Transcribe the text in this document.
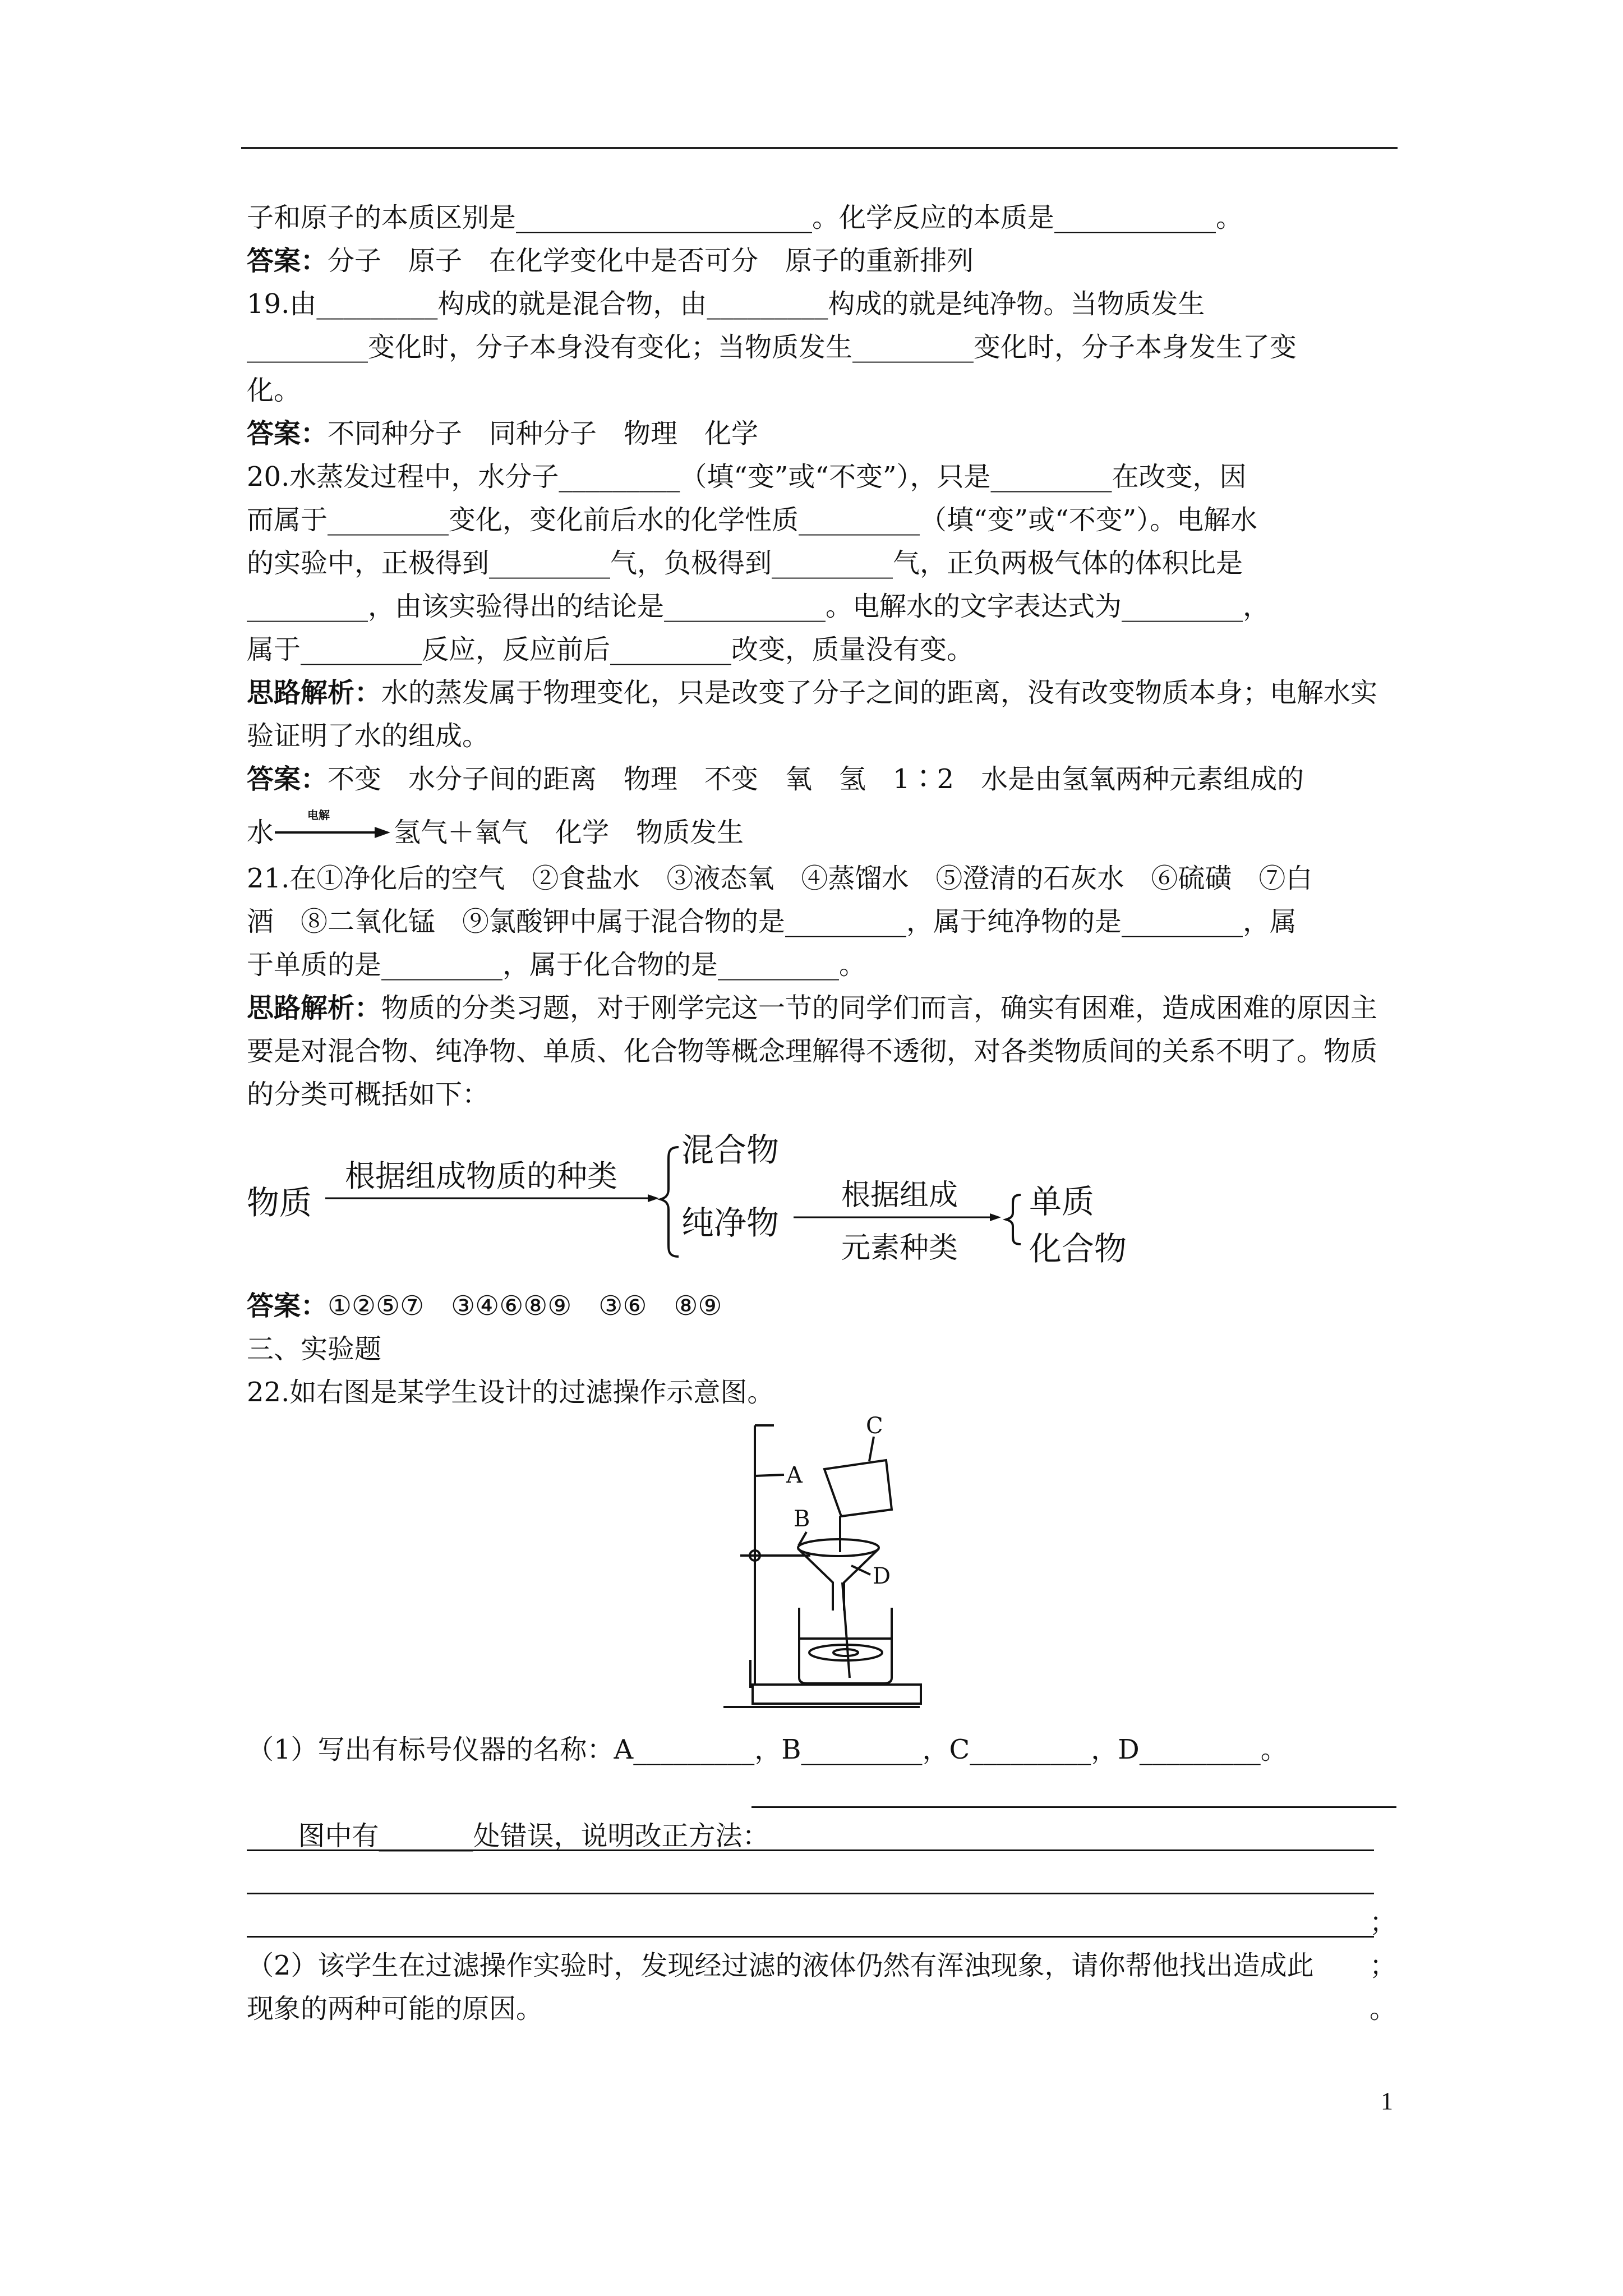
子和原子的本质区别是______________________。化学反应的本质是____________。
答案：分子　原子　在化学变化中是否可分　原子的重新排列
19.由_________构成的就是混合物，由_________构成的就是纯净物。当物质发生
_________变化时，分子本身没有变化；当物质发生_________变化时，分子本身发生了变
化。
答案：不同种分子　同种分子　物理　化学
20.水蒸发过程中，水分子_________（填“变”或“不变”），只是_________在改变，因
而属于_________变化，变化前后水的化学性质_________（填“变”或“不变”）。电解水
的实验中，正极得到_________气，负极得到_________气，正负两极气体的体积比是
_________，由该实验得出的结论是____________。电解水的文字表达式为_________，
属于_________反应，反应前后_________改变，质量没有变。
思路解析：水的蒸发属于物理变化，只是改变了分子之间的距离，没有改变物质本身；电解水实验证明了水的组成。
答案：不变　水分子间的距离　物理　不变　氧　氢　1∶2　水是由氢氧两种元素组成的
水
电解
氢气＋氧气　化学　物质发生
21.在①净化后的空气　②食盐水　③液态氧　④蒸馏水　⑤澄清的石灰水　⑥硫磺　⑦白
酒　⑧二氧化锰　⑨氯酸钾中属于混合物的是_________，属于纯净物的是_________，属
于单质的是_________，属于化合物的是_________。
思路解析：物质的分类习题，对于刚学完这一节的同学们而言，确实有困难，造成困难的原因主要是对混合物、纯净物、单质、化合物等概念理解得不透彻，对各类物质间的关系不明了。物质的分类可概括如下：
物质
根据组成物质的种类
混合物
纯净物
根据组成
元素种类
单质
化合物
答案：①②⑤⑦　③④⑥⑧⑨　③⑥　⑧⑨
三、实验题
22.如右图是某学生设计的过滤操作示意图。
A
B
C
D
（1）写出有标号仪器的名称：A_________，B_________，C_________，D_________。

图中有_______处错误，说明改正方法：

；

；

。

（2）该学生在过滤操作实验时，发现经过滤的液体仍然有浑浊现象，请你帮他找出造成此
现象的两种可能的原因。
1
